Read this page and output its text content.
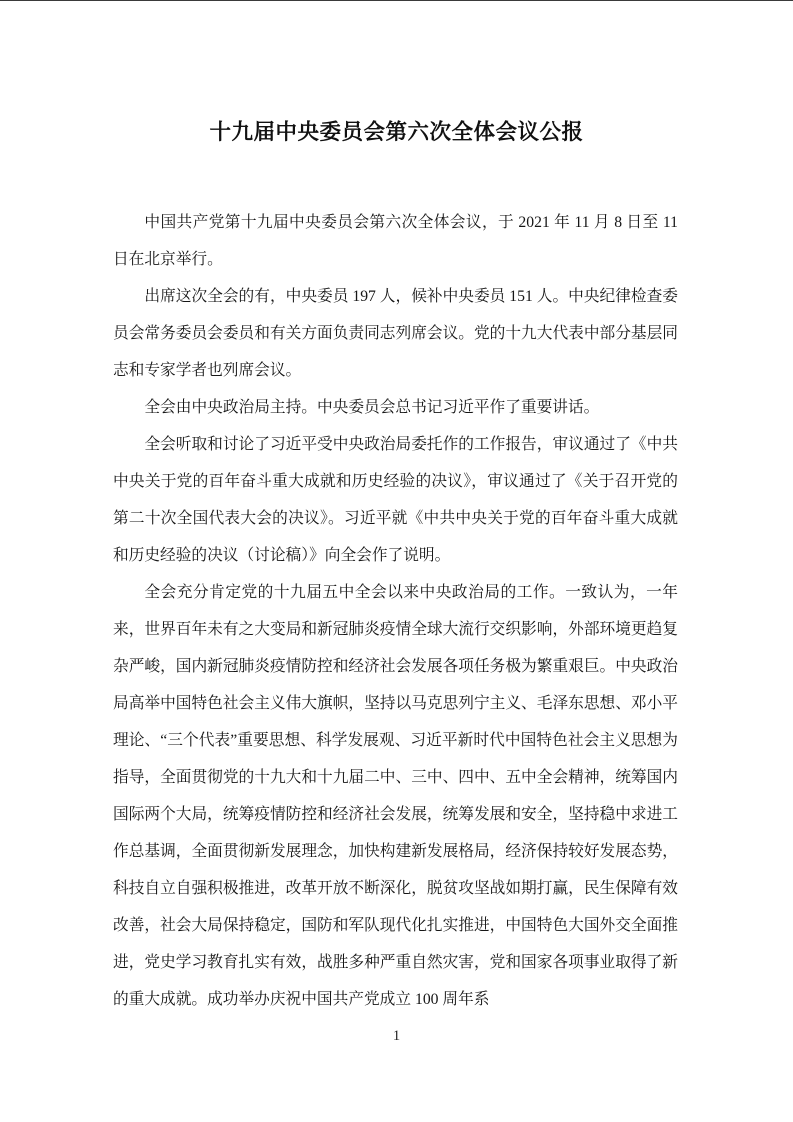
十九届中央委员会第六次全体会议公报

中国共产党第十九届中央委员会第六次全体会议，于 2021 年 11 月 8 日至 11 日在北京举行。

出席这次全会的有，中央委员 197 人，候补中央委员 151 人。中央纪律检查委员会常务委员会委员和有关方面负责同志列席会议。党的十九大代表中部分基层同志和专家学者也列席会议。

全会由中央政治局主持。中央委员会总书记习近平作了重要讲话。

全会听取和讨论了习近平受中央政治局委托作的工作报告，审议通过了《中共中央关于党的百年奋斗重大成就和历史经验的决议》，审议通过了《关于召开党的第二十次全国代表大会的决议》。习近平就《中共中央关于党的百年奋斗重大成就和历史经验的决议（讨论稿）》向全会作了说明。

全会充分肯定党的十九届五中全会以来中央政治局的工作。一致认为，一年来，世界百年未有之大变局和新冠肺炎疫情全球大流行交织影响，外部环境更趋复杂严峻，国内新冠肺炎疫情防控和经济社会发展各项任务极为繁重艰巨。中央政治局高举中国特色社会主义伟大旗帜，坚持以马克思列宁主义、毛泽东思想、邓小平理论、“三个代表”重要思想、科学发展观、习近平新时代中国特色社会主义思想为指导，全面贯彻党的十九大和十九届二中、三中、四中、五中全会精神，统筹国内国际两个大局，统筹疫情防控和经济社会发展，统筹发展和安全，坚持稳中求进工作总基调，全面贯彻新发展理念，加快构建新发展格局，经济保持较好发展态势，科技自立自强积极推进，改革开放不断深化，脱贫攻坚战如期打赢，民生保障有效改善，社会大局保持稳定，国防和军队现代化扎实推进，中国特色大国外交全面推进，党史学习教育扎实有效，战胜多种严重自然灾害，党和国家各项事业取得了新的重大成就。成功举办庆祝中国共产党成立 100 周年系

1
